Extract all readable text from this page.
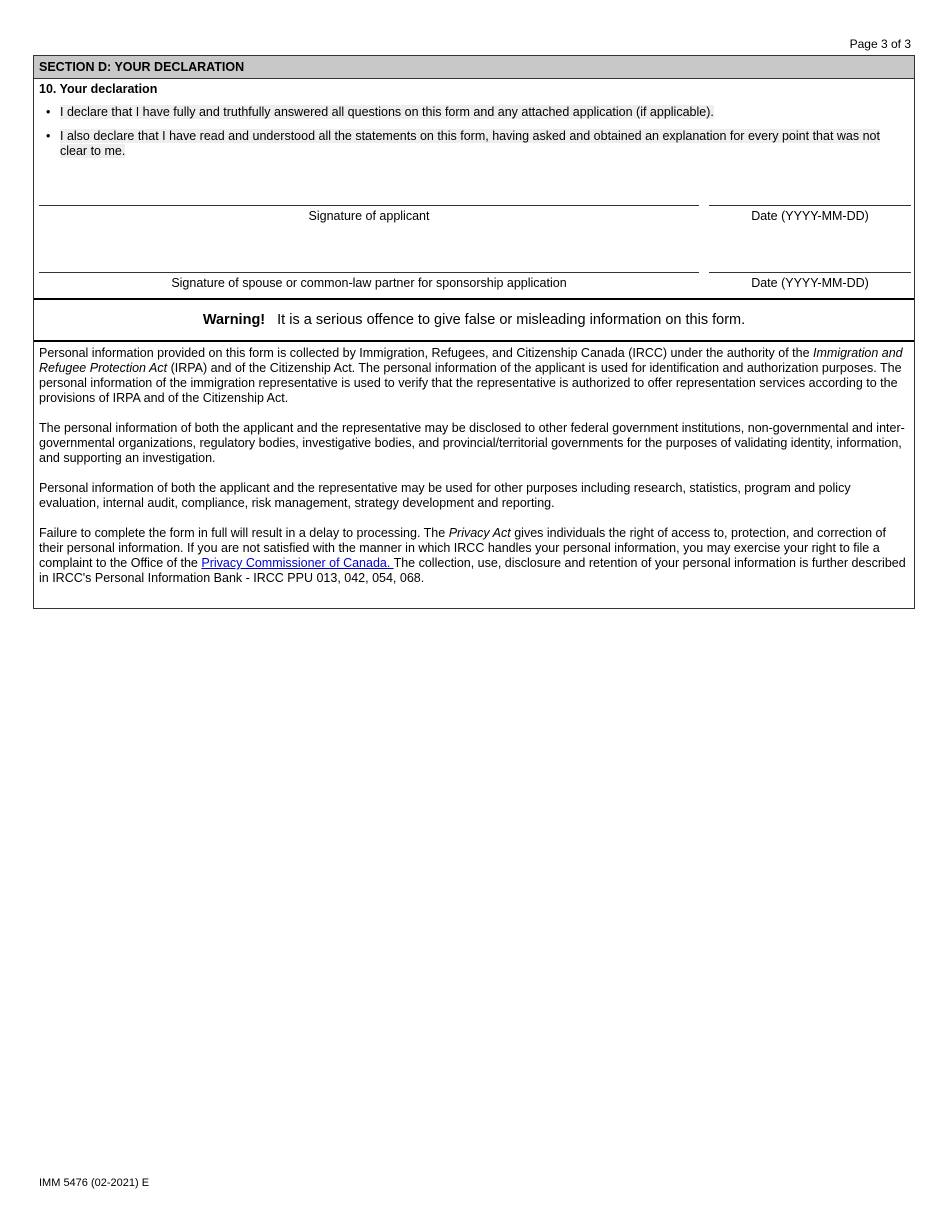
Page 3 of 3
SECTION D: YOUR DECLARATION
10. Your declaration
• I declare that I have fully and truthfully answered all questions on this form and any attached application (if applicable).
• I also declare that I have read and understood all the statements on this form, having asked and obtained an explanation for every point that was not clear to me.
Signature of applicant	Date (YYYY-MM-DD)
Signature of spouse or common-law partner for sponsorship application	Date (YYYY-MM-DD)
Warning! It is a serious offence to give false or misleading information on this form.

Personal information provided on this form is collected by Immigration, Refugees, and Citizenship Canada (IRCC) under the authority of the Immigration and Refugee Protection Act (IRPA) and of the Citizenship Act. The personal information of the applicant is used for identification and authorization purposes. The personal information of the immigration representative is used to verify that the representative is authorized to offer representation services according to the provisions of IRPA and of the Citizenship Act.

The personal information of both the applicant and the representative may be disclosed to other federal government institutions, non-governmental and inter-governmental organizations, regulatory bodies, investigative bodies, and provincial/territorial governments for the purposes of validating identity, information, and supporting an investigation.

Personal information of both the applicant and the representative may be used for other purposes including research, statistics, program and policy evaluation, internal audit, compliance, risk management, strategy development and reporting.

Failure to complete the form in full will result in a delay to processing. The Privacy Act gives individuals the right of access to, protection, and correction of their personal information. If you are not satisfied with the manner in which IRCC handles your personal information, you may exercise your right to file a complaint to the Office of the Privacy Commissioner of Canada. The collection, use, disclosure and retention of your personal information is further described in IRCC's Personal Information Bank - IRCC PPU 013, 042, 054, 068.

IMM 5476 (02-2021) E
